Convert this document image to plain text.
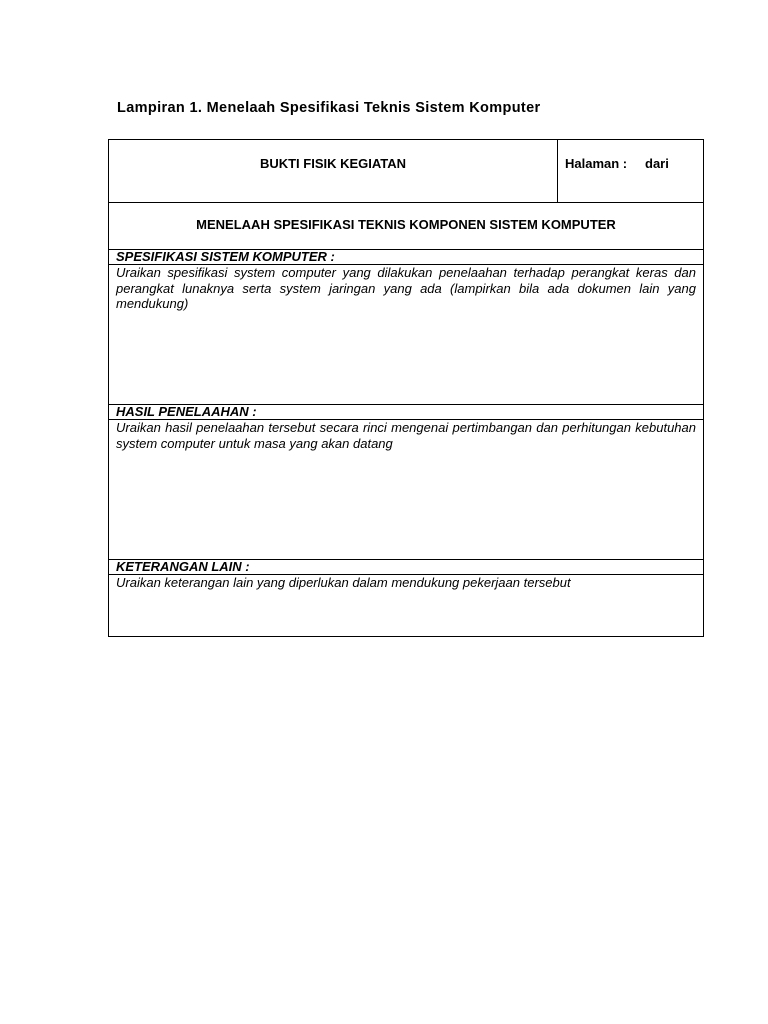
Lampiran 1. Menelaah Spesifikasi Teknis Sistem Komputer
BUKTI FISIK KEGIATAN	Halaman : dari
MENELAAH SPESIFIKASI TEKNIS KOMPONEN SISTEM KOMPUTER
SPESIFIKASI SISTEM KOMPUTER :
Uraikan spesifikasi system computer yang dilakukan penelaahan terhadap perangkat keras dan perangkat lunaknya serta system jaringan yang ada (lampirkan bila ada dokumen lain yang mendukung)
HASIL PENELAAHAN :
Uraikan hasil penelaahan tersebut secara rinci mengenai pertimbangan dan perhitungan kebutuhan system computer untuk masa yang akan datang
KETERANGAN LAIN :
Uraikan keterangan lain yang diperlukan dalam mendukung pekerjaan tersebut
